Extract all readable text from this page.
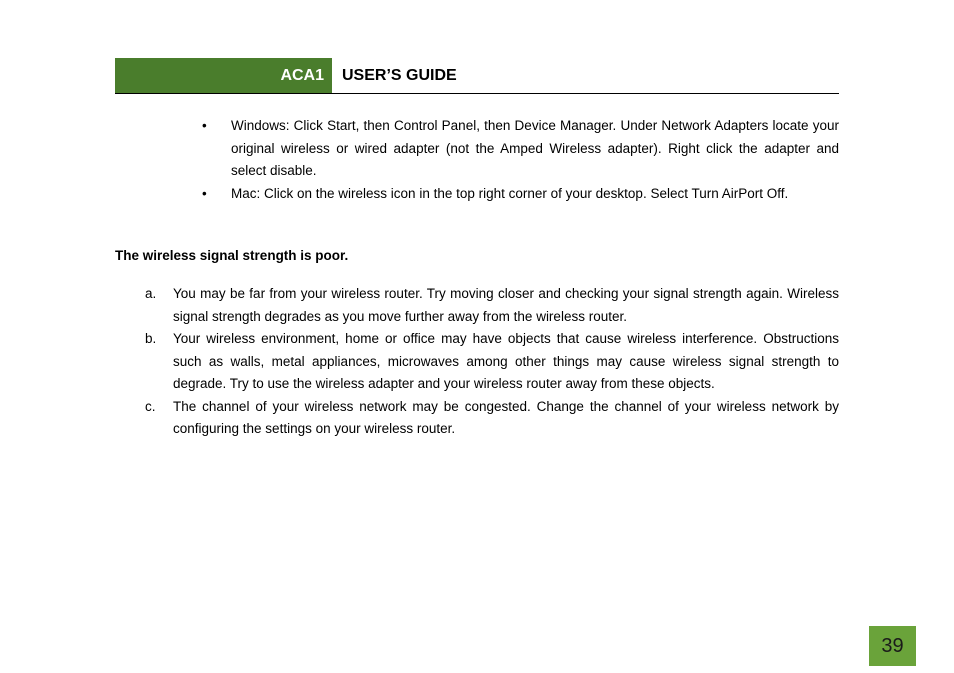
ACA1	USER’S GUIDE
• Windows: Click Start, then Control Panel, then Device Manager. Under Network Adapters locate your original wireless or wired adapter (not the Amped Wireless adapter). Right click the adapter and select disable.
• Mac: Click on the wireless icon in the top right corner of your desktop. Select Turn AirPort Off.

The wireless signal strength is poor.

a. You may be far from your wireless router. Try moving closer and checking your signal strength again. Wireless signal strength degrades as you move further away from the wireless router.
b. Your wireless environment, home or office may have objects that cause wireless interference. Obstructions such as walls, metal appliances, microwaves among other things may cause wireless signal strength to degrade. Try to use the wireless adapter and your wireless router away from these objects.
c. The channel of your wireless network may be congested. Change the channel of your wireless network by configuring the settings on your wireless router.
39
